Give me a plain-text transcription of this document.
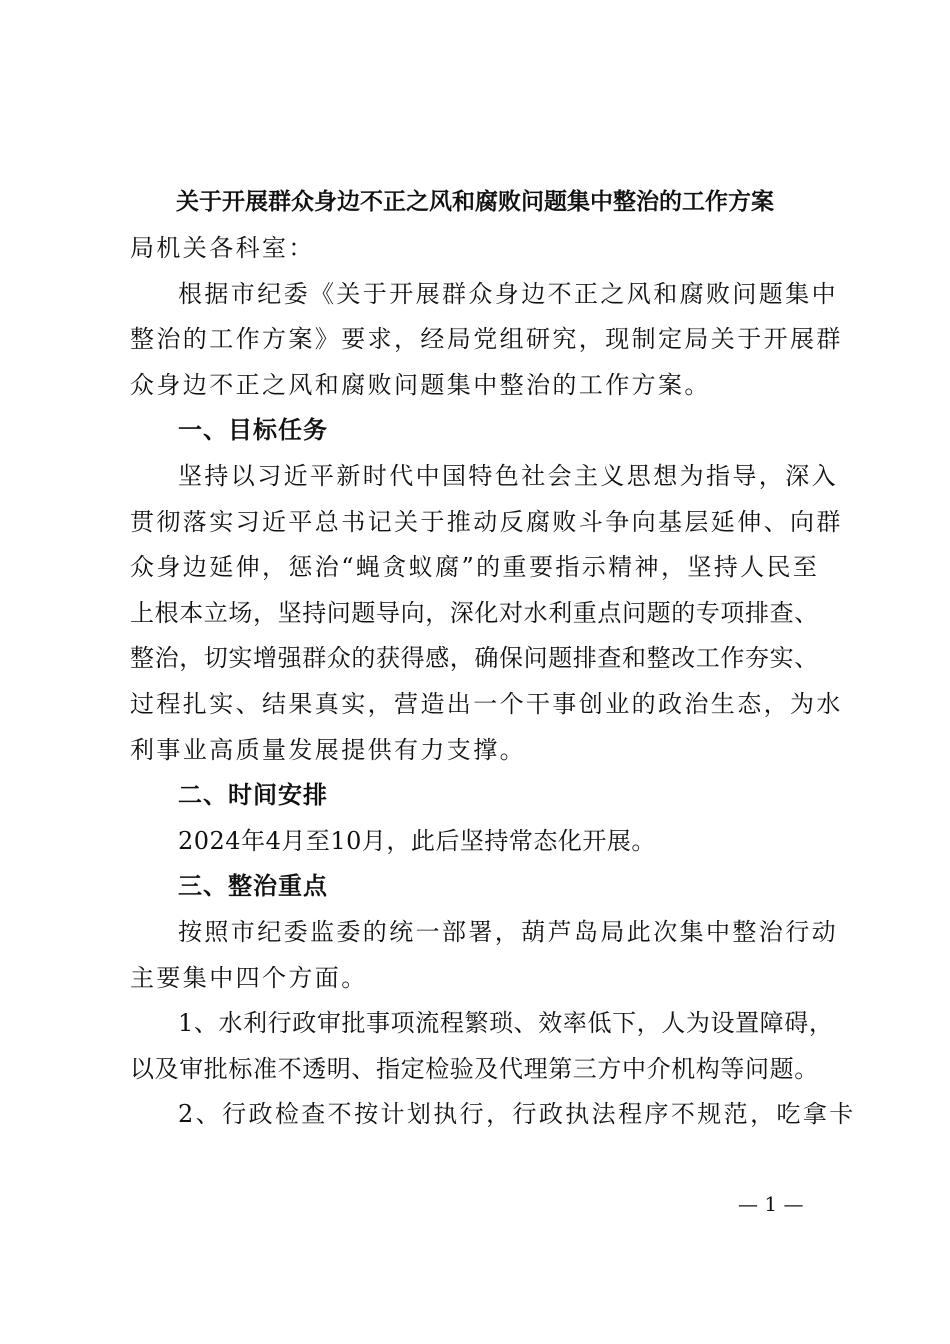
关于开展群众身边不正之风和腐败问题集中整治的工作方案
局机关各科室：
根据市纪委《关于开展群众身边不正之风和腐败问题集中
整治的工作方案》要求，经局党组研究，现制定局关于开展群
众身边不正之风和腐败问题集中整治的工作方案。
一、目标任务
坚持以习近平新时代中国特色社会主义思想为指导，深入
贯彻落实习近平总书记关于推动反腐败斗争向基层延伸、向群
众身边延伸，惩治“蝇贪蚁腐”的重要指示精神，坚持人民至
上根本立场，坚持问题导向，深化对水利重点问题的专项排查、
整治，切实增强群众的获得感，确保问题排查和整改工作夯实、
过程扎实、结果真实，营造出一个干事创业的政治生态，为水
利事业高质量发展提供有力支撑。
二、时间安排
2024年4月至10月，此后坚持常态化开展。
三、整治重点
按照市纪委监委的统一部署，葫芦岛局此次集中整治行动
主要集中四个方面。
1、水利行政审批事项流程繁琐、效率低下，人为设置障碍，
以及审批标准不透明、指定检验及代理第三方中介机构等问题。
2、行政检查不按计划执行，行政执法程序不规范，吃拿卡
— 1 —
